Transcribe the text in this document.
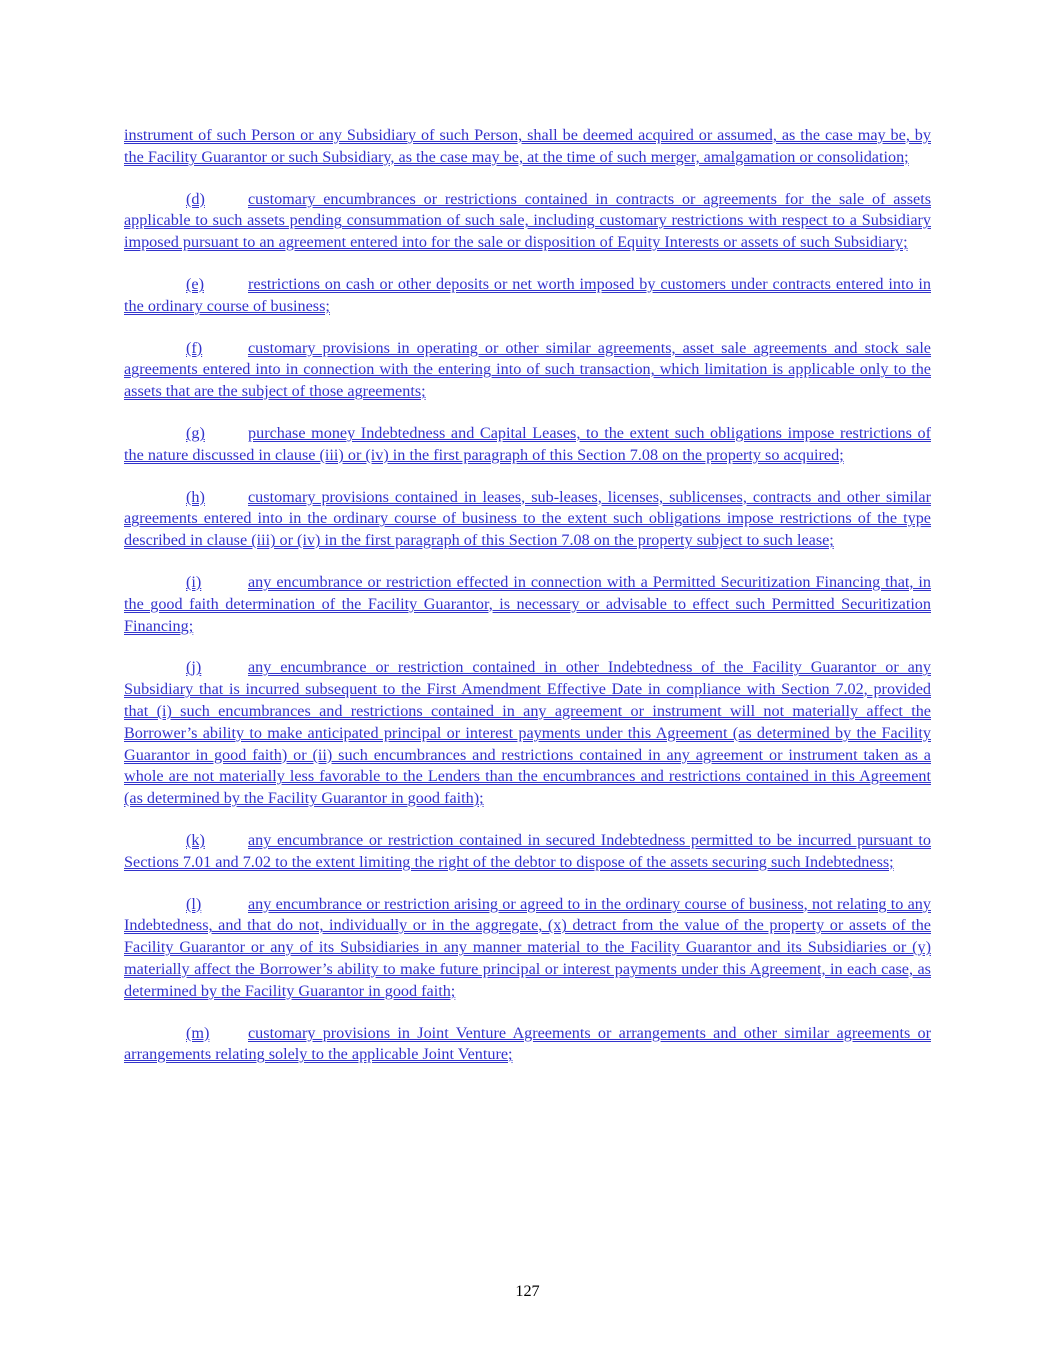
instrument of such Person or any Subsidiary of such Person, shall be deemed acquired or assumed, as the case may be, by the Facility Guarantor or such Subsidiary, as the case may be, at the time of such merger, amalgamation or consolidation;

(d)	customary encumbrances or restrictions contained in contracts or agreements for the sale of assets applicable to such assets pending consummation of such sale, including customary restrictions with respect to a Subsidiary imposed pursuant to an agreement entered into for the sale or disposition of Equity Interests or assets of such Subsidiary;

(e)	restrictions on cash or other deposits or net worth imposed by customers under contracts entered into in the ordinary course of business;

(f)	customary provisions in operating or other similar agreements, asset sale agreements and stock sale agreements entered into in connection with the entering into of such transaction, which limitation is applicable only to the assets that are the subject of those agreements;

(g)	purchase money Indebtedness and Capital Leases, to the extent such obligations impose restrictions of the nature discussed in clause (iii) or (iv) in the first paragraph of this Section 7.08 on the property so acquired;

(h)	customary provisions contained in leases, sub-leases, licenses, sublicenses, contracts and other similar agreements entered into in the ordinary course of business to the extent such obligations impose restrictions of the type described in clause (iii) or (iv) in the first paragraph of this Section 7.08 on the property subject to such lease;

(i)	any encumbrance or restriction effected in connection with a Permitted Securitization Financing that, in the good faith determination of the Facility Guarantor, is necessary or advisable to effect such Permitted Securitization Financing;

(j)	any encumbrance or restriction contained in other Indebtedness of the Facility Guarantor or any Subsidiary that is incurred subsequent to the First Amendment Effective Date in compliance with Section 7.02, provided that (i) such encumbrances and restrictions contained in any agreement or instrument will not materially affect the Borrower’s ability to make anticipated principal or interest payments under this Agreement (as determined by the Facility Guarantor in good faith) or (ii) such encumbrances and restrictions contained in any agreement or instrument taken as a whole are not materially less favorable to the Lenders than the encumbrances and restrictions contained in this Agreement (as determined by the Facility Guarantor in good faith);

(k)	any encumbrance or restriction contained in secured Indebtedness permitted to be incurred pursuant to Sections 7.01 and 7.02 to the extent limiting the right of the debtor to dispose of the assets securing such Indebtedness;

(l)	any encumbrance or restriction arising or agreed to in the ordinary course of business, not relating to any Indebtedness, and that do not, individually or in the aggregate, (x) detract from the value of the property or assets of the Facility Guarantor or any of its Subsidiaries in any manner material to the Facility Guarantor and its Subsidiaries or (y) materially affect the Borrower’s ability to make future principal or interest payments under this Agreement, in each case, as determined by the Facility Guarantor in good faith;

(m) customary provisions in Joint Venture Agreements or arrangements and other similar agreements or arrangements relating solely to the applicable Joint Venture;

127
